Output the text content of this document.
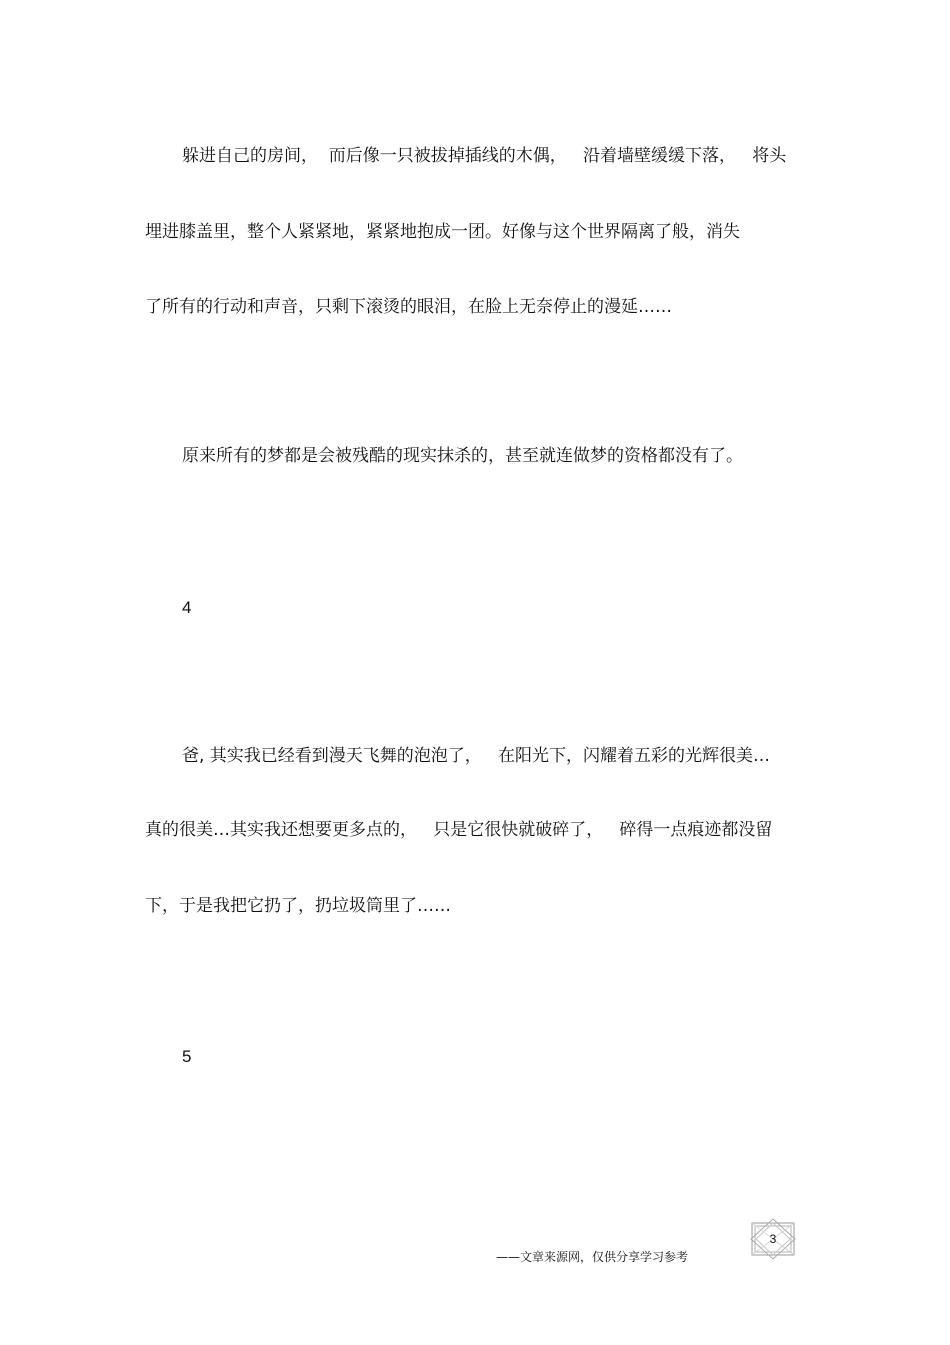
躲进自己的房间，  而后像一只被拔掉插线的木偶，   沿着墙壁缓缓下落，   将头

埋进膝盖里，整个人紧紧地，紧紧地抱成一团。好像与这个世界隔离了般，消失

了所有的行动和声音，只剩下滚烫的眼泪，在脸上无奈停止的漫延……

原来所有的梦都是会被残酷的现实抹杀的，甚至就连做梦的资格都没有了。

4

爸, 其实我已经看到漫天飞舞的泡泡了，   在阳光下，闪耀着五彩的光辉很美…

真的很美…其实我还想要更多点的，   只是它很快就破碎了，   碎得一点痕迹都没留

下，于是我把它扔了，扔垃圾筒里了……

5

——文章来源网，仅供分享学习参考
3
